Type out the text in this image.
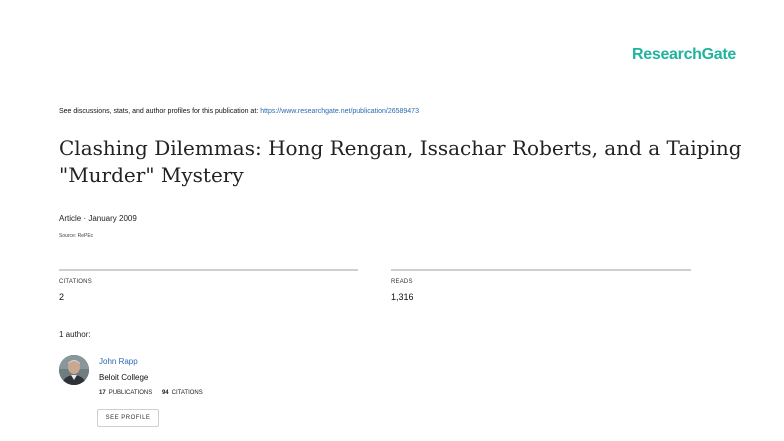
ResearchGate
See discussions, stats, and author profiles for this publication at: https://www.researchgate.net/publication/26589473
Clashing Dilemmas: Hong Rengan, Issachar Roberts, and a Taiping
"Murder" Mystery
Article · January 2009
Source: RePEc
CITATIONS
2
READS
1,316
1 author:
John Rapp
Beloit College
17 PUBLICATIONS 94 CITATIONS
SEE PROFILE
